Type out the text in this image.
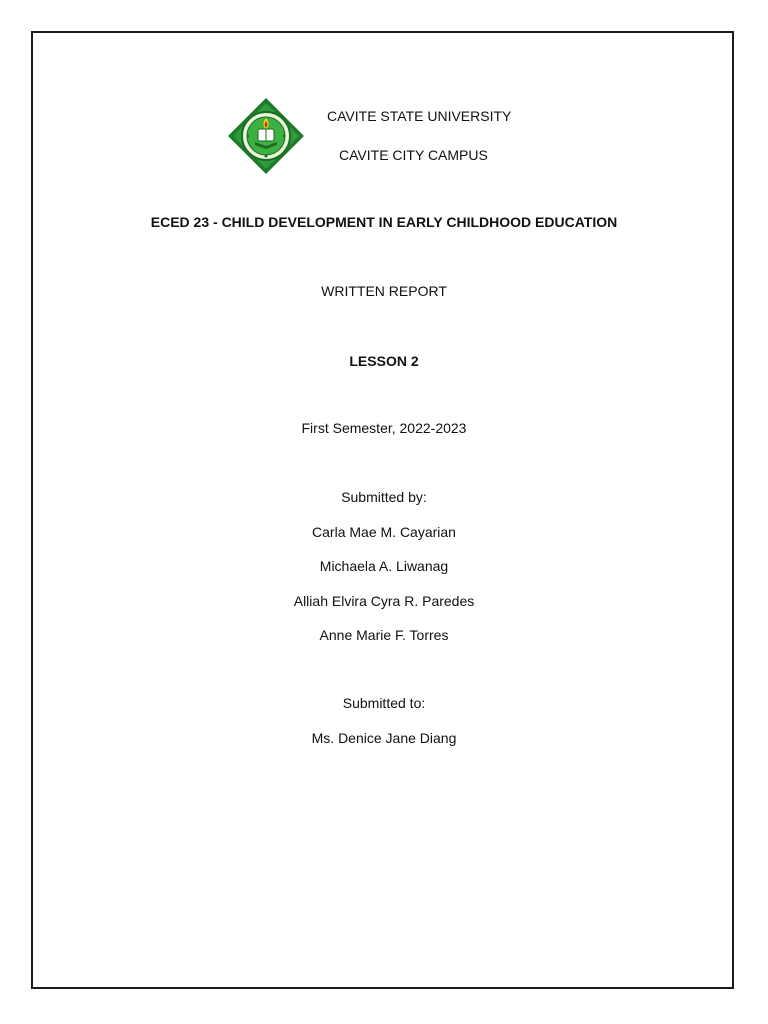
CAVITE STATE UNIVERSITY
CAVITE CITY CAMPUS
ECED 23 - CHILD DEVELOPMENT IN EARLY CHILDHOOD EDUCATION
WRITTEN REPORT
LESSON 2
First Semester, 2022-2023
Submitted by:
Carla Mae M. Cayarian
Michaela A. Liwanag
Alliah Elvira Cyra R. Paredes
Anne Marie F. Torres
Submitted to:
Ms. Denice Jane Diang
